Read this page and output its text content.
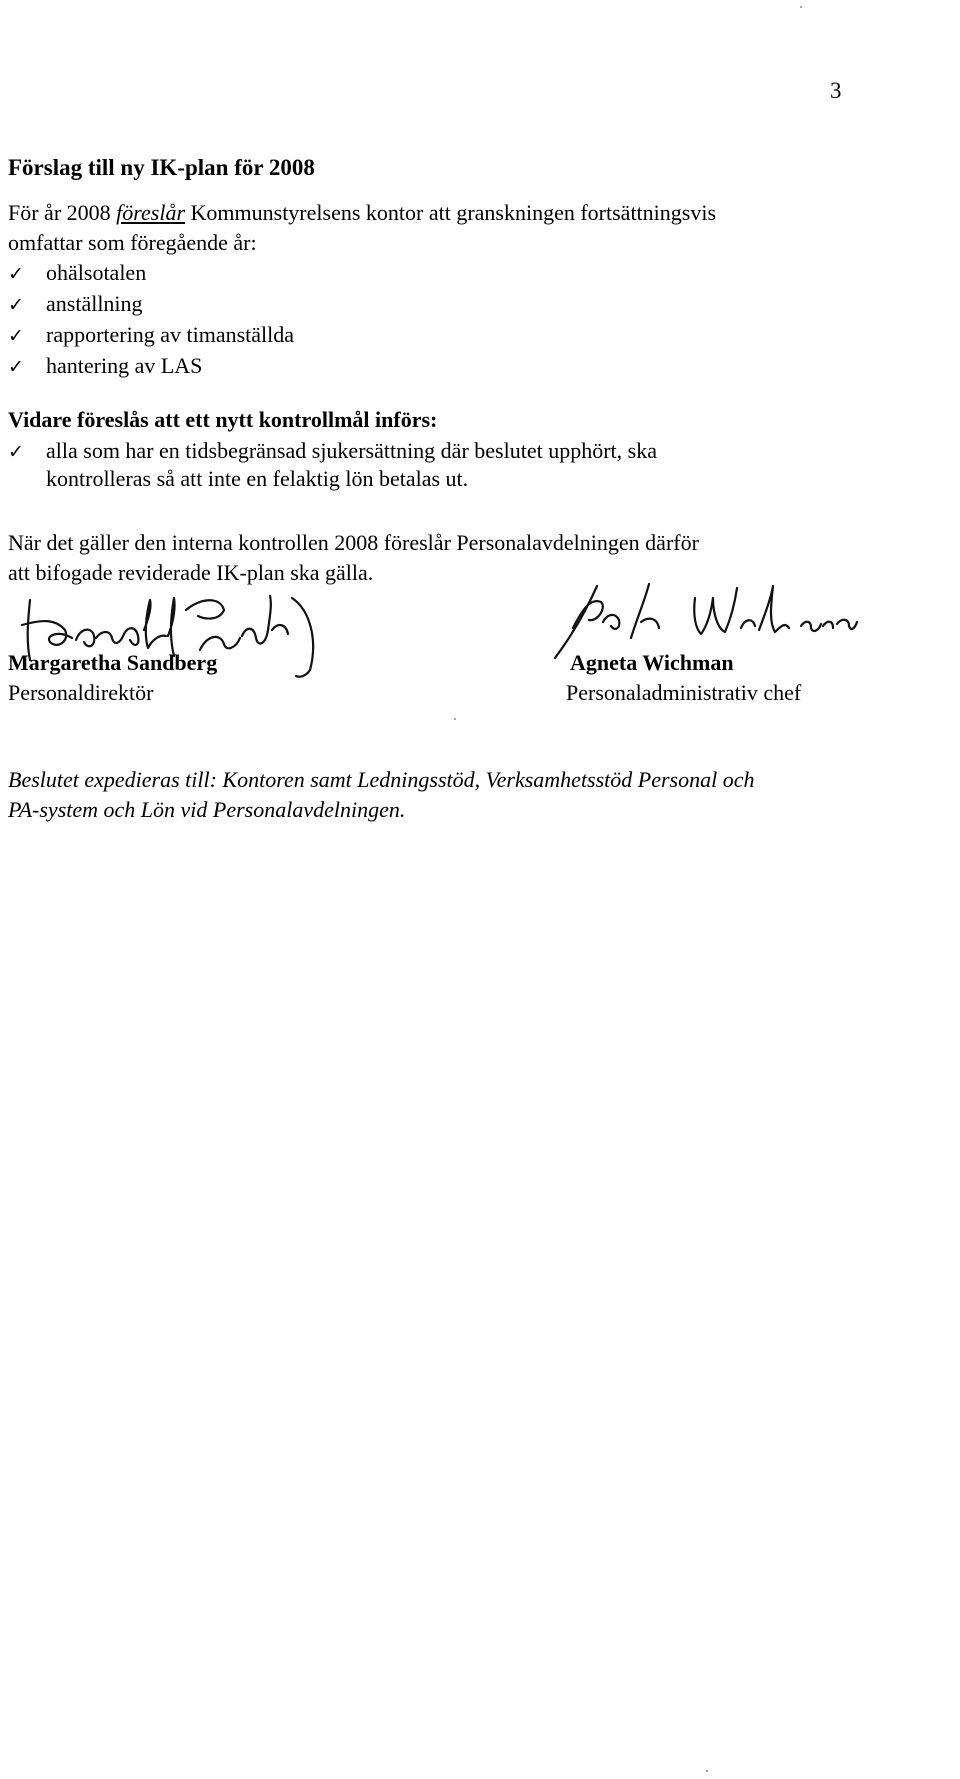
3
Förslag till ny IK-plan för 2008
För år 2008 föreslår Kommunstyrelsens kontor att granskningen fortsättningsvis
omfattar som föregående år:
✓	ohälsotalen
✓	anställning
✓	rapportering av timanställda
✓	hantering av LAS
Vidare föreslås att ett nytt kontrollmål införs:
✓ alla som har en tidsbegränsad sjukersättning där beslutet upphört, ska
kontrolleras så att inte en felaktig lön betalas ut.
När det gäller den interna kontrollen 2008 föreslår Personalavdelningen därför
att bifogade reviderade IK-plan ska gälla.
Margaretha Sandberg
Personaldirektör
Agneta Wichman
Personaladministrativ chef
Beslutet expedieras till: Kontoren samt Ledningsstöd, Verksamhetsstöd Personal och
PA-system och Lön vid Personalavdelningen.
